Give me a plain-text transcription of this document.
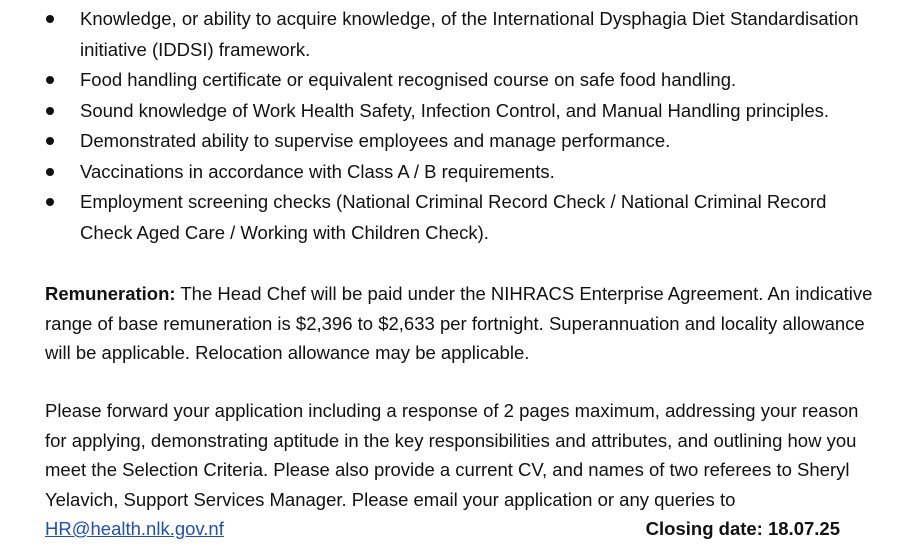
Knowledge, or ability to acquire knowledge, of the International Dysphagia Diet Standardisation initiative (IDDSI) framework.
Food handling certificate or equivalent recognised course on safe food handling.
Sound knowledge of Work Health Safety, Infection Control, and Manual Handling principles.
Demonstrated ability to supervise employees and manage performance.
Vaccinations in accordance with Class A / B requirements.
Employment screening checks (National Criminal Record Check / National Criminal Record Check Aged Care / Working with Children Check).

Remuneration: The Head Chef will be paid under the NIHRACS Enterprise Agreement. An indicative range of base remuneration is $2,396 to $2,633 per fortnight. Superannuation and locality allowance will be applicable. Relocation allowance may be applicable.

Please forward your application including a response of 2 pages maximum, addressing your reason for applying, demonstrating aptitude in the key responsibilities and attributes, and outlining how you meet the Selection Criteria. Please also provide a current CV, and names of two referees to Sheryl Yelavich, Support Services Manager. Please email your application or any queries to HR@health.nlk.gov.nf	Closing date: 18.07.25
